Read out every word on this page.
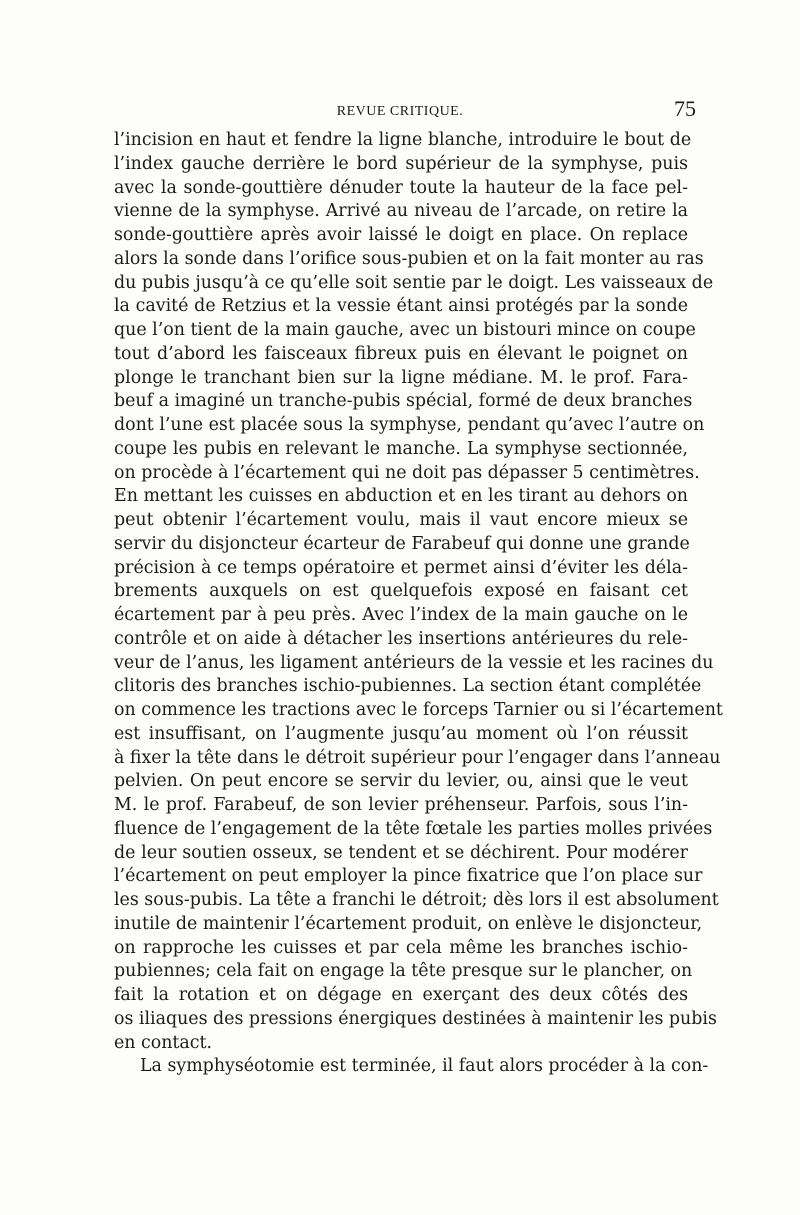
REVUE CRITIQUE.	75
l’incision en haut et fendre la ligne blanche, introduire le bout de
l’index gauche derrière le bord supérieur de la symphyse, puis
avec la sonde-gouttière dénuder toute la hauteur de la face pel-
vienne de la symphyse. Arrivé au niveau de l’arcade, on retire la
sonde-gouttière après avoir laissé le doigt en place. On replace
alors la sonde dans l’orifice sous-pubien et on la fait monter au ras
du pubis jusqu’à ce qu’elle soit sentie par le doigt. Les vaisseaux de
la cavité de Retzius et la vessie étant ainsi protégés par la sonde
que l’on tient de la main gauche, avec un bistouri mince on coupe
tout d’abord les faisceaux fibreux puis en élevant le poignet on
plonge le tranchant bien sur la ligne médiane. M. le prof. Fara-
beuf a imaginé un tranche-pubis spécial, formé de deux branches
dont l’une est placée sous la symphyse, pendant qu’avec l’autre on
coupe les pubis en relevant le manche. La symphyse sectionnée,
on procède à l’écartement qui ne doit pas dépasser 5 centimètres.
En mettant les cuisses en abduction et en les tirant au dehors on
peut obtenir l’écartement voulu, mais il vaut encore mieux se
servir du disjoncteur écarteur de Farabeuf qui donne une grande
précision à ce temps opératoire et permet ainsi d’éviter les déla-
brements auxquels on est quelquefois exposé en faisant cet
écartement par à peu près. Avec l’index de la main gauche on le
contrôle et on aide à détacher les insertions antérieures du rele-
veur de l’anus, les ligament antérieurs de la vessie et les racines du
clitoris des branches ischio-pubiennes. La section étant complétée
on commence les tractions avec le forceps Tarnier ou si l’écartement
est insuffisant, on l’augmente jusqu’au moment où l’on réussit
à fixer la tête dans le détroit supérieur pour l’engager dans l’anneau
pelvien. On peut encore se servir du levier, ou, ainsi que le veut
M. le prof. Farabeuf, de son levier préhenseur. Parfois, sous l’in-
fluence de l’engagement de la tête fœtale les parties molles privées
de leur soutien osseux, se tendent et se déchirent. Pour modérer
l’écartement on peut employer la pince fixatrice que l’on place sur
les sous-pubis. La tête a franchi le détroit; dès lors il est absolument
inutile de maintenir l’écartement produit, on enlève le disjoncteur,
on rapproche les cuisses et par cela même les branches ischio-
pubiennes; cela fait on engage la tête presque sur le plancher, on
fait la rotation et on dégage en exerçant des deux côtés des
os iliaques des pressions énergiques destinées à maintenir les pubis
en contact.
La symphyséotomie est terminée, il faut alors procéder à la con-
